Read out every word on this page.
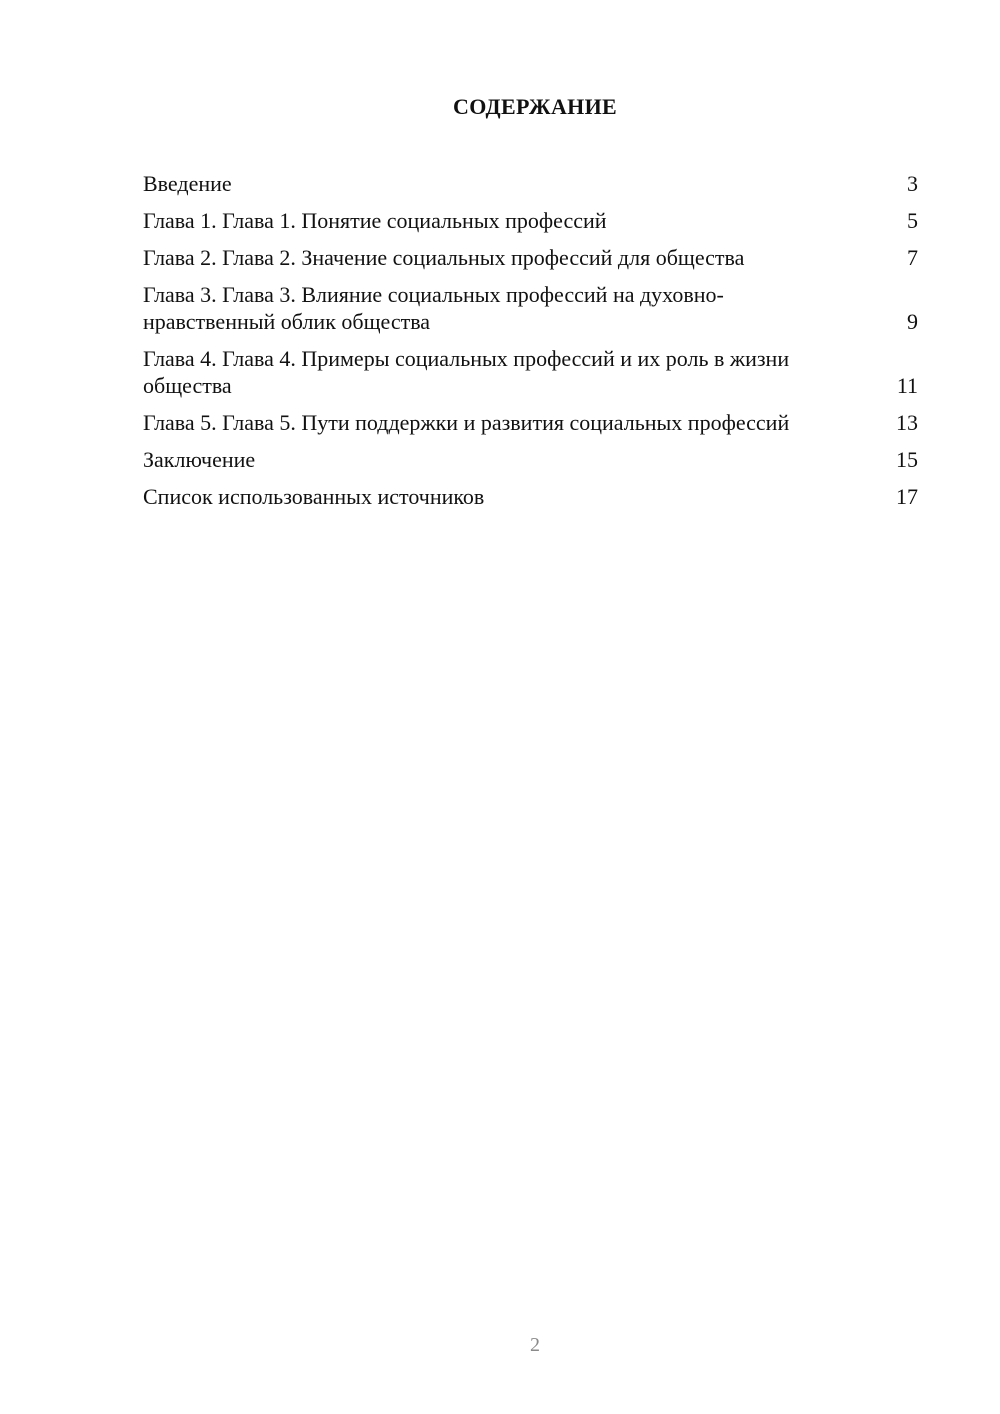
СОДЕРЖАНИЕ
Введение	3
Глава 1. Глава 1. Понятие социальных профессий	5
Глава 2. Глава 2. Значение социальных профессий для общества	7
Глава 3. Глава 3. Влияние социальных профессий на духовно-нравственный облик общества	9
Глава 4. Глава 4. Примеры социальных профессий и их роль в жизни общества	11
Глава 5. Глава 5. Пути поддержки и развития социальных профессий	13
Заключение	15
Список использованных источников	17
2
